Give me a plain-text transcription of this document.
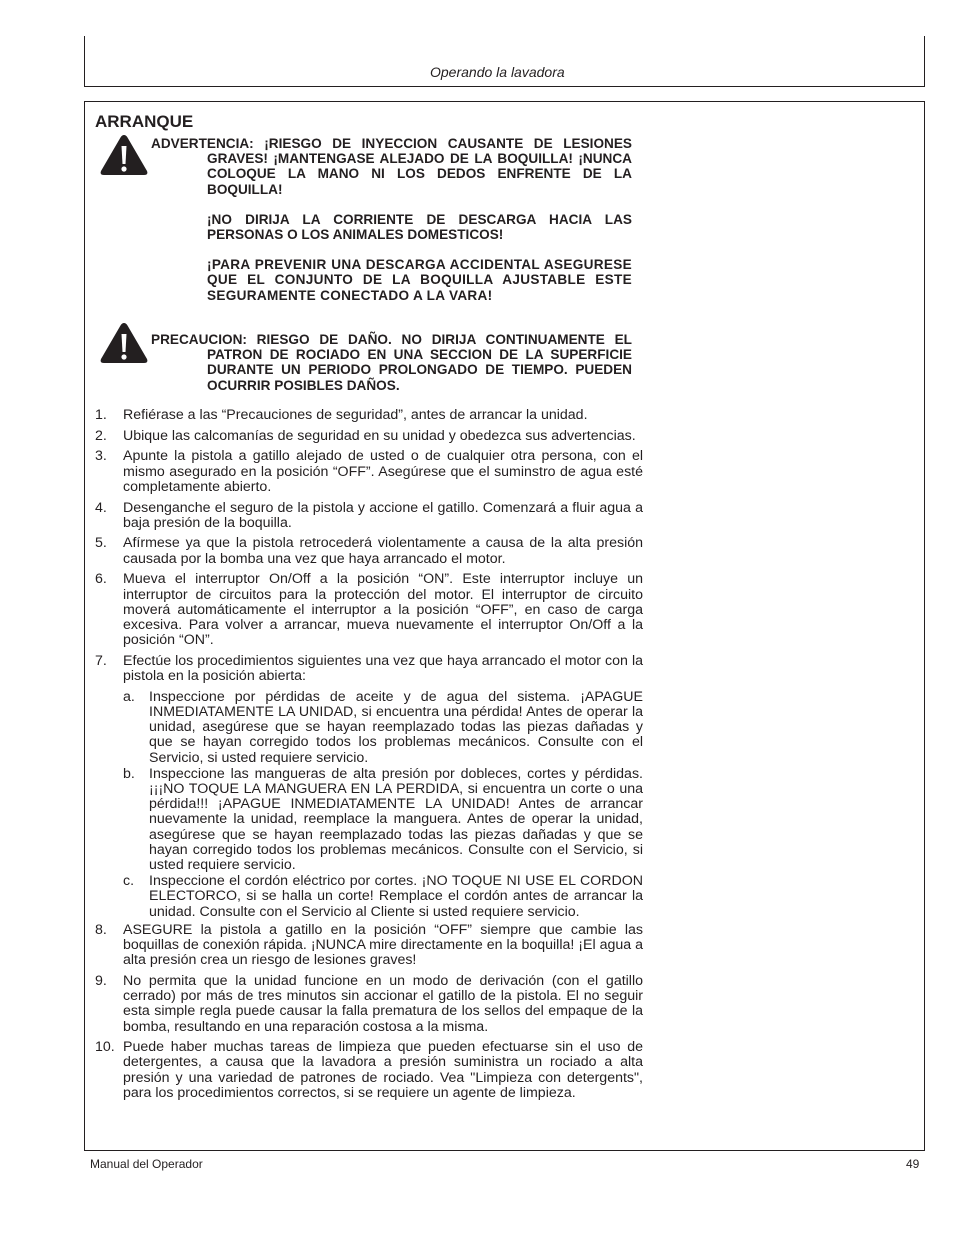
Operando la lavadora
ARRANQUE

ADVERTENCIA: ¡RIESGO DE INYECCION CAUSANTE DE LESIONES GRAVES! ¡MANTENGASE ALEJADO DE LA BOQUILLA! ¡NUNCA COLOQUE LA MANO NI LOS DEDOS ENFRENTE DE LA BOQUILLA!

¡NO DIRIJA LA CORRIENTE DE DESCARGA HACIA LAS PERSONAS O LOS ANIMALES DOMESTICOS!

¡PARA PREVENIR UNA DESCARGA ACCIDENTAL ASEGURESE QUE EL CONJUNTO DE LA BOQUILLA AJUSTABLE ESTE SEGURAMENTE CONECTADO A LA VARA!

PRECAUCION: RIESGO DE DAÑO. NO DIRIJA CONTINUAMENTE EL PATRON DE ROCIADO EN UNA SECCION DE LA SUPERFICIE DURANTE UN PERIODO PROLONGADO DE TIEMPO. PUEDEN OCURRIR POSIBLES DAÑOS.

1. Refiérase a las “Precauciones de seguridad”, antes de arrancar la unidad.
2. Ubique las calcomanías de seguridad en su unidad y obedezca sus advertencias.
3. Apunte la pistola a gatillo alejado de usted o de cualquier otra persona, con el mismo asegurado en la posición “OFF”. Asegúrese que el suminstro de agua esté completamente abierto.
4. Desenganche el seguro de la pistola y accione el gatillo. Comenzará a fluir agua a baja presión de la boquilla.
5. Afírmese ya que la pistola retrocederá violentamente a causa de la alta presión causada por la bomba una vez que haya arrancado el motor.
6. Mueva el interruptor On/Off a la posición “ON”. Este interruptor incluye un interruptor de circuitos para la protección del motor. El interruptor de circuito moverá automáticamente el interruptor a la posición “OFF”, en caso de carga excesiva. Para volver a arrancar, mueva nuevamente el interruptor On/Off a la posición “ON”.
7. Efectúe los procedimientos siguientes una vez que haya arrancado el motor con la pistola en la posición abierta:
a. Inspeccione por pérdidas de aceite y de agua del sistema. ¡APAGUE INMEDIATAMENTE LA UNIDAD, si encuentra una pérdida! Antes de operar la unidad, asegúrese que se hayan reemplazado todas las piezas dañadas y que se hayan corregido todos los problemas mecánicos. Consulte con el Servicio, si usted requiere servicio.
b. Inspeccione las mangueras de alta presión por dobleces, cortes y pérdidas. ¡¡¡NO TOQUE LA MANGUERA EN LA PERDIDA, si encuentra un corte o una pérdida!!! ¡APAGUE INMEDIATAMENTE LA UNIDAD! Antes de arrancar nuevamente la unidad, reemplace la manguera. Antes de operar la unidad, asegúrese que se hayan reemplazado todas las piezas dañadas y que se hayan corregido todos los problemas mecánicos. Consulte con el Servicio, si usted requiere servicio.
c. Inspeccione el cordón eléctrico por cortes. ¡NO TOQUE NI USE EL CORDON ELECTORCO, si se halla un corte! Remplace el cordón antes de arrancar la unidad. Consulte con el Servicio al Cliente si usted requiere servicio.
8. ASEGURE la pistola a gatillo en la posición “OFF” siempre que cambie las boquillas de conexión rápida. ¡NUNCA mire directamente en la boquilla! ¡El agua a alta presión crea un riesgo de lesiones graves!
9. No permita que la unidad funcione en un modo de derivación (con el gatillo cerrado) por más de tres minutos sin accionar el gatillo de la pistola. El no seguir esta simple regla puede causar la falla prematura de los sellos del empaque de la bomba, resultando en una reparación costosa a la misma.
10. Puede haber muchas tareas de limpieza que pueden efectuarse sin el uso de detergentes, a causa que la lavadora a presión suministra un rociado a alta presión y una variedad de patrones de rociado. Vea "Limpieza con detergents", para los procedimientos correctos, si se requiere un agente de limpieza.
Manual del Operador	49
